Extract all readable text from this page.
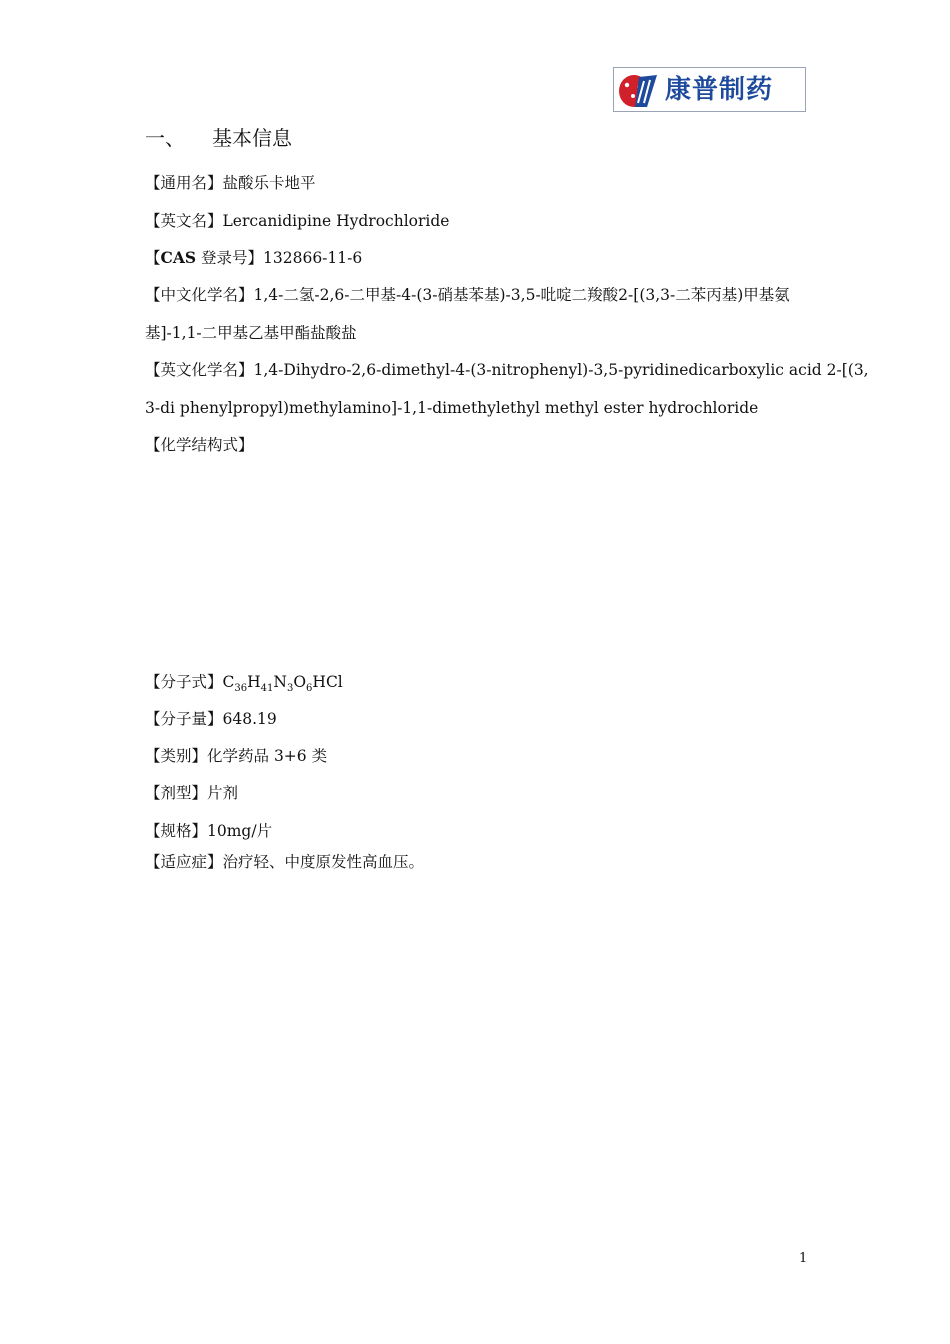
康普制药
一、	基本信息
【通用名】盐酸乐卡地平
【英文名】Lercanidipine Hydrochloride
【CAS 登录号】132866-11-6
【中文化学名】1,4-二氢-2,6-二甲基-4-(3-硝基苯基)-3,5-吡啶二羧酸2-[(3,3-二苯丙基)甲基氨
基]-1,1-二甲基乙基甲酯盐酸盐
【英文化学名】1,4-Dihydro-2,6-dimethyl-4-(3-nitrophenyl)-3,5-pyridinedicarboxylic acid 2-[(3,
3-di phenylpropyl)methylamino]-1,1-dimethylethyl methyl ester hydrochloride
【化学结构式】
【分子式】$C_{36}H_{41}N_3O_6HCl$
【分子量】648.19
【类别】化学药品 3+6 类
【剂型】片剂
【规格】10mg/片
【适应症】治疗轻、中度原发性高血压。
1
